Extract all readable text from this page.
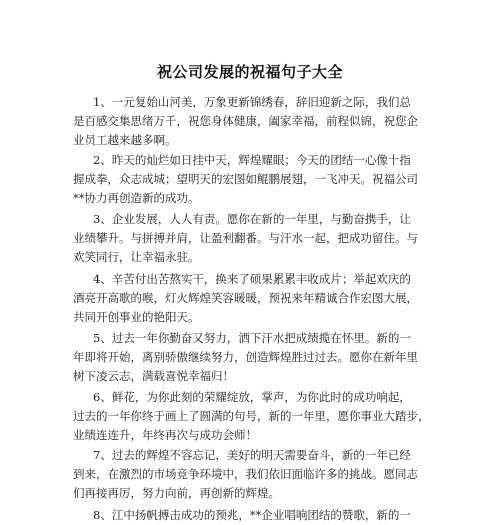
祝公司发展的祝福句子大全
1、一元复始山河美，万象更新锦绣春，辞旧迎新之际，我们总
是百感交集思绪万千，祝您身体健康，阖家幸福，前程似锦，祝您企
业员工越来越多啊。
2、昨天的灿烂如日挂中天，辉煌耀眼；今天的团结一心像十指
握成拳，众志成城；望明天的宏图如鲲鹏展翅，一飞冲天。祝福公司
**协力再创造新的成功。
3、企业发展，人人有责。愿你在新的一年里，与勤奋携手，让
业绩攀升。与拼搏并肩，让盈利翻番。与汗水一起，把成功留住。与
欢笑同行，让幸福永驻。
4、辛苦付出苦熬实干，换来了硕果累累丰收成片；举起欢庆的
酒亮开高歌的喉，灯火辉煌笑容暖暖，预祝来年精诚合作宏图大展，
共同开创事业的艳阳天。
5、过去一年你勤奋又努力，洒下汗水把成绩揽在怀里。新的一
年即将开始，离别骄傲继续努力，创造辉煌胜过过去。愿你在新年里
树下凌云志，满载喜悦幸福归！
6、鲜花，为你此刻的荣耀绽放，掌声，为你此时的成功响起，
过去的一年你终于画上了圆满的句号，新的一年里，愿你事业大踏步，
业绩连连升，年终再次与成功会师！
7、过去的辉煌不容忘记，美好的明天需要奋斗，新的一年已经
到来，在激烈的市场竞争环境中，我们依旧面临许多的挑战。愿同志
们再接再厉，努力向前，再创新的辉煌。
8、江中扬帆搏击成功的预兆，**企业唱响团结的赞歌，新的一
